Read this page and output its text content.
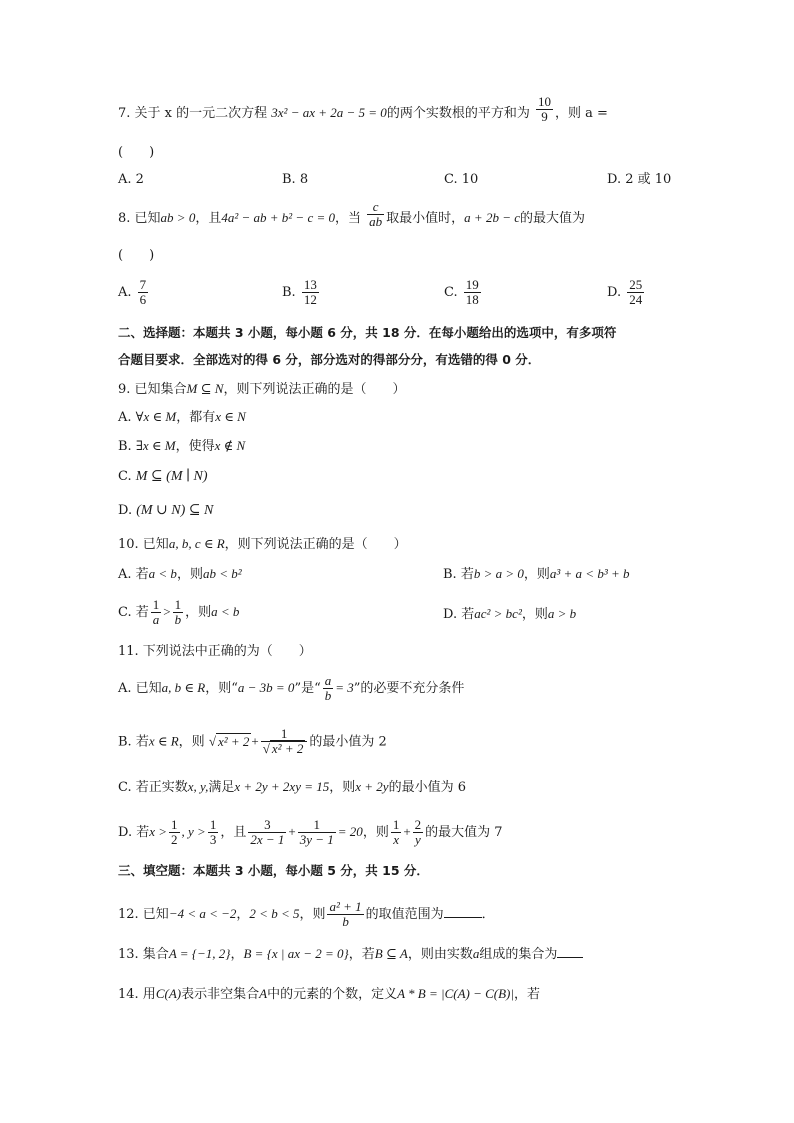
7. 关于 x 的一元二次方程 3x² − ax + 2a − 5 = 0的两个实数根的平方和为 $\frac{10}{9}$ ，则 a =
(　　)
A. 2	B. 8	C. 10	D. 2 或 10
8. 已知ab > 0，且4a² − ab + b² − c = 0，当 $\frac{c}{ab}$ 取最小值时，a + 2b − c的最大值为
(　　)
A. $\frac{7}{6}$	B. $\frac{13}{12}$	C. $\frac{19}{18}$	D. $\frac{25}{24}$
二、选择题：本题共 3 小题，每小题 6 分，共 18 分．在每小题给出的选项中，有多项符
合题目要求．全部选对的得 6 分，部分选对的得部分分，有选错的得 0 分．
9. 已知集合M ⊆ N，则下列说法正确的是（　　）
A. ∀x ∈ M，都有x ∈ N
B. ∃x ∈ M，使得x ∉ N
C. M ⊆ (M ∣ N)
D. (M ∪ N) ⊆ N
10. 已知a, b, c ∈ R，则下列说法正确的是（　　）
A. 若a < b，则ab < b²	B. 若b > a > 0，则a³ + a < b³ + b
C. 若 $\frac{1}{a} > \frac{1}{b}$ ，则a < b	D. 若ac² > bc²，则a > b
11. 下列说法中正确的为（　　）
A. 已知a, b ∈ R，则“a − 3b = 0”是“ $\frac{a}{b} = 3$”的必要不充分条件
B. 若x ∈ R，则 √ $x^2 + 2 + \frac{1}{\text{√ x² + 2}}$ 的最小值为 2
C. 若正实数x, y,满足x + 2y + 2xy = 15，则x + 2y的最小值为 6
D. 若$x > \frac{1}{2}$ , $y > \frac{1}{3}$ ，且 $\frac{3}{2x - 1} + \frac{1}{3y - 1} = 20$，则 $\frac{1}{x} + \frac{2}{y}$ 的最大值为 7
三、填空题：本题共 3 小题，每小题 5 分，共 15 分．
12. 已知−4 < a < −2，2 < b < 5，则 $\frac{\text{a² + 1}}{b}$ 的取值范围为	．
13. 集合A = {−1, 2}，B = {x | ax − 2 = 0}，若B ⊆ A，则由实数a组成的集合为
14. 用C(A)表示非空集合A中的元素的个数，定义A * B = |C(A) − C(B)|，若
